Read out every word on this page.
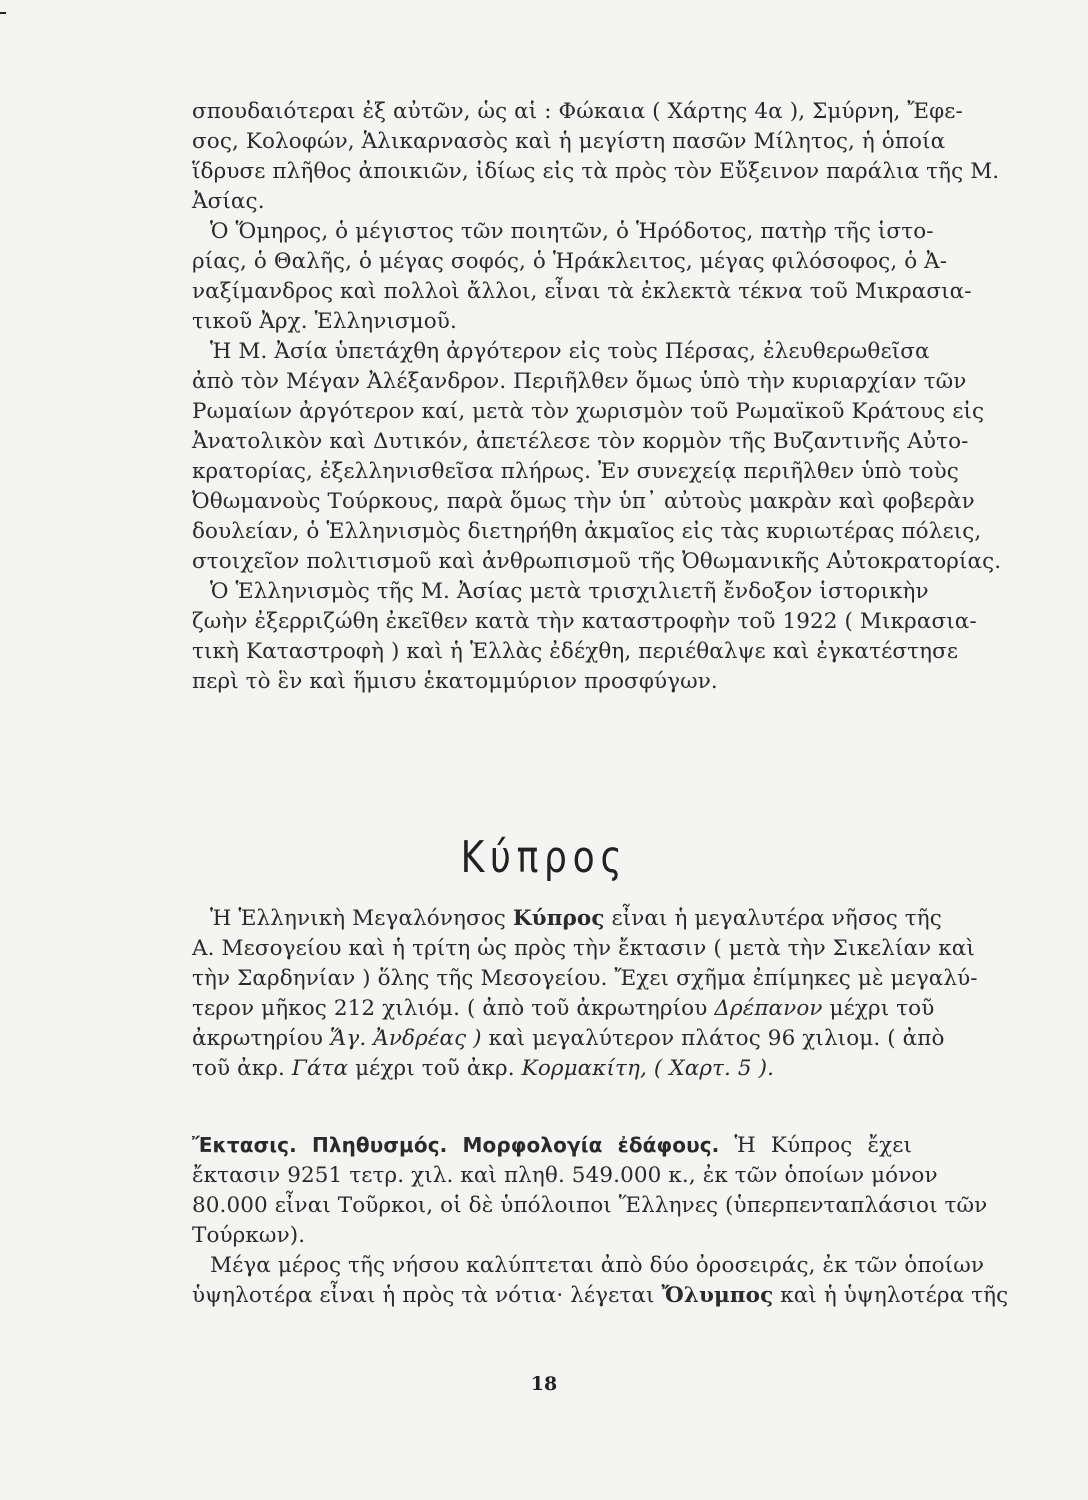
σπουδαιότεραι ἐξ αὐτῶν, ὡς αἱ : Φώκαια ( Χάρτης 4α ), Σμύρνη, Ἔφε-
σος, Κολοφών, Ἁλικαρνασὸς καὶ ἡ μεγίστη πασῶν Μίλητος, ἡ ὁποία
ἵδρυσε πλῆθος ἀποικιῶν, ἰδίως εἰς τὰ πρὸς τὸν Εὔξεινον παράλια τῆς Μ.
Ἀσίας.
Ὁ Ὅμηρος, ὁ μέγιστος τῶν ποιητῶν, ὁ Ἡρόδοτος, πατὴρ τῆς ἱστο-
ρίας, ὁ Θαλῆς, ὁ μέγας σοφός, ὁ Ἡράκλειτος, μέγας φιλόσοφος, ὁ Ἀ-
ναξίμανδρος καὶ πολλοὶ ἄλλοι, εἶναι τὰ ἐκλεκτὰ τέκνα τοῦ Μικρασια-
τικοῦ Ἀρχ. Ἑλληνισμοῦ.
Ἡ Μ. Ἀσία ὑπετάχθη ἀργότερον εἰς τοὺς Πέρσας, ἐλευθερωθεῖσα
ἀπὸ τὸν Μέγαν Ἀλέξανδρον. Περιῆλθεν ὅμως ὑπὸ τὴν κυριαρχίαν τῶν
Ρωμαίων ἀργότερον καί, μετὰ τὸν χωρισμὸν τοῦ Ρωμαϊκοῦ Κράτους εἰς
Ἀνατολικὸν καὶ Δυτικόν, ἀπετέλεσε τὸν κορμὸν τῆς Βυζαντινῆς Αὐτο-
κρατορίας, ἐξελληνισθεῖσα πλήρως. Ἐν συνεχείᾳ περιῆλθεν ὑπὸ τοὺς
Ὀθωμανοὺς Τούρκους, παρὰ ὅμως τὴν ὑπ᾿ αὐτοὺς μακρὰν καὶ φοβερὰν
δουλείαν, ὁ Ἑλληνισμὸς διετηρήθη ἀκμαῖος εἰς τὰς κυριωτέρας πόλεις,
στοιχεῖον πολιτισμοῦ καὶ ἀνθρωπισμοῦ τῆς Ὀθωμανικῆς Αὐτοκρατορίας.
Ὁ Ἑλληνισμὸς τῆς Μ. Ἀσίας μετὰ τρισχιλιετῆ ἔνδοξον ἱστορικὴν
ζωὴν ἐξερριζώθη ἐκεῖθεν κατὰ τὴν καταστροφὴν τοῦ 1922 ( Μικρασια-
τικὴ Καταστροφὴ ) καὶ ἡ Ἑλλὰς ἐδέχθη, περιέθαλψε καὶ ἐγκατέστησε
περὶ τὸ ἓν καὶ ἥμισυ ἑκατομμύριον προσφύγων.
Κύπρος
Ἡ Ἑλληνικὴ Μεγαλόνησος Κύπρος εἶναι ἡ μεγαλυτέρα νῆσος τῆς
Α. Μεσογείου καὶ ἡ τρίτη ὡς πρὸς τὴν ἔκτασιν ( μετὰ τὴν Σικελίαν καὶ
τὴν Σαρδηνίαν ) ὅλης τῆς Μεσογείου. Ἔχει σχῆμα ἐπίμηκες μὲ μεγαλύ-
τερον μῆκος 212 χιλιόμ. ( ἀπὸ τοῦ ἀκρωτηρίου Δρέπανον μέχρι τοῦ
ἀκρωτηρίου Ἅγ. Ἀνδρέας ) καὶ μεγαλύτερον πλάτος 96 χιλιομ. ( ἀπὸ
τοῦ ἀκρ. Γάτα μέχρι τοῦ ἀκρ. Κορμακίτη, ( Χαρτ. 5 ).
Ἔκτασις. Πληθυσμός. Μορφολογία ἐδάφους. Ἡ Κύπρος ἔχει
ἔκτασιν 9251 τετρ. χιλ. καὶ πληθ. 549.000 κ., ἐκ τῶν ὁποίων μόνον
80.000 εἶναι Τοῦρκοι, οἱ δὲ ὑπόλοιποι Ἕλληνες (ὑπερπενταπλάσιοι τῶν
Τούρκων).
Μέγα μέρος τῆς νήσου καλύπτεται ἀπὸ δύο ὀροσειράς, ἐκ τῶν ὁποίων
ὑψηλοτέρα εἶναι ἡ πρὸς τὰ νότια· λέγεται Ὄλυμπος καὶ ἡ ὑψηλοτέρα τῆς
18
